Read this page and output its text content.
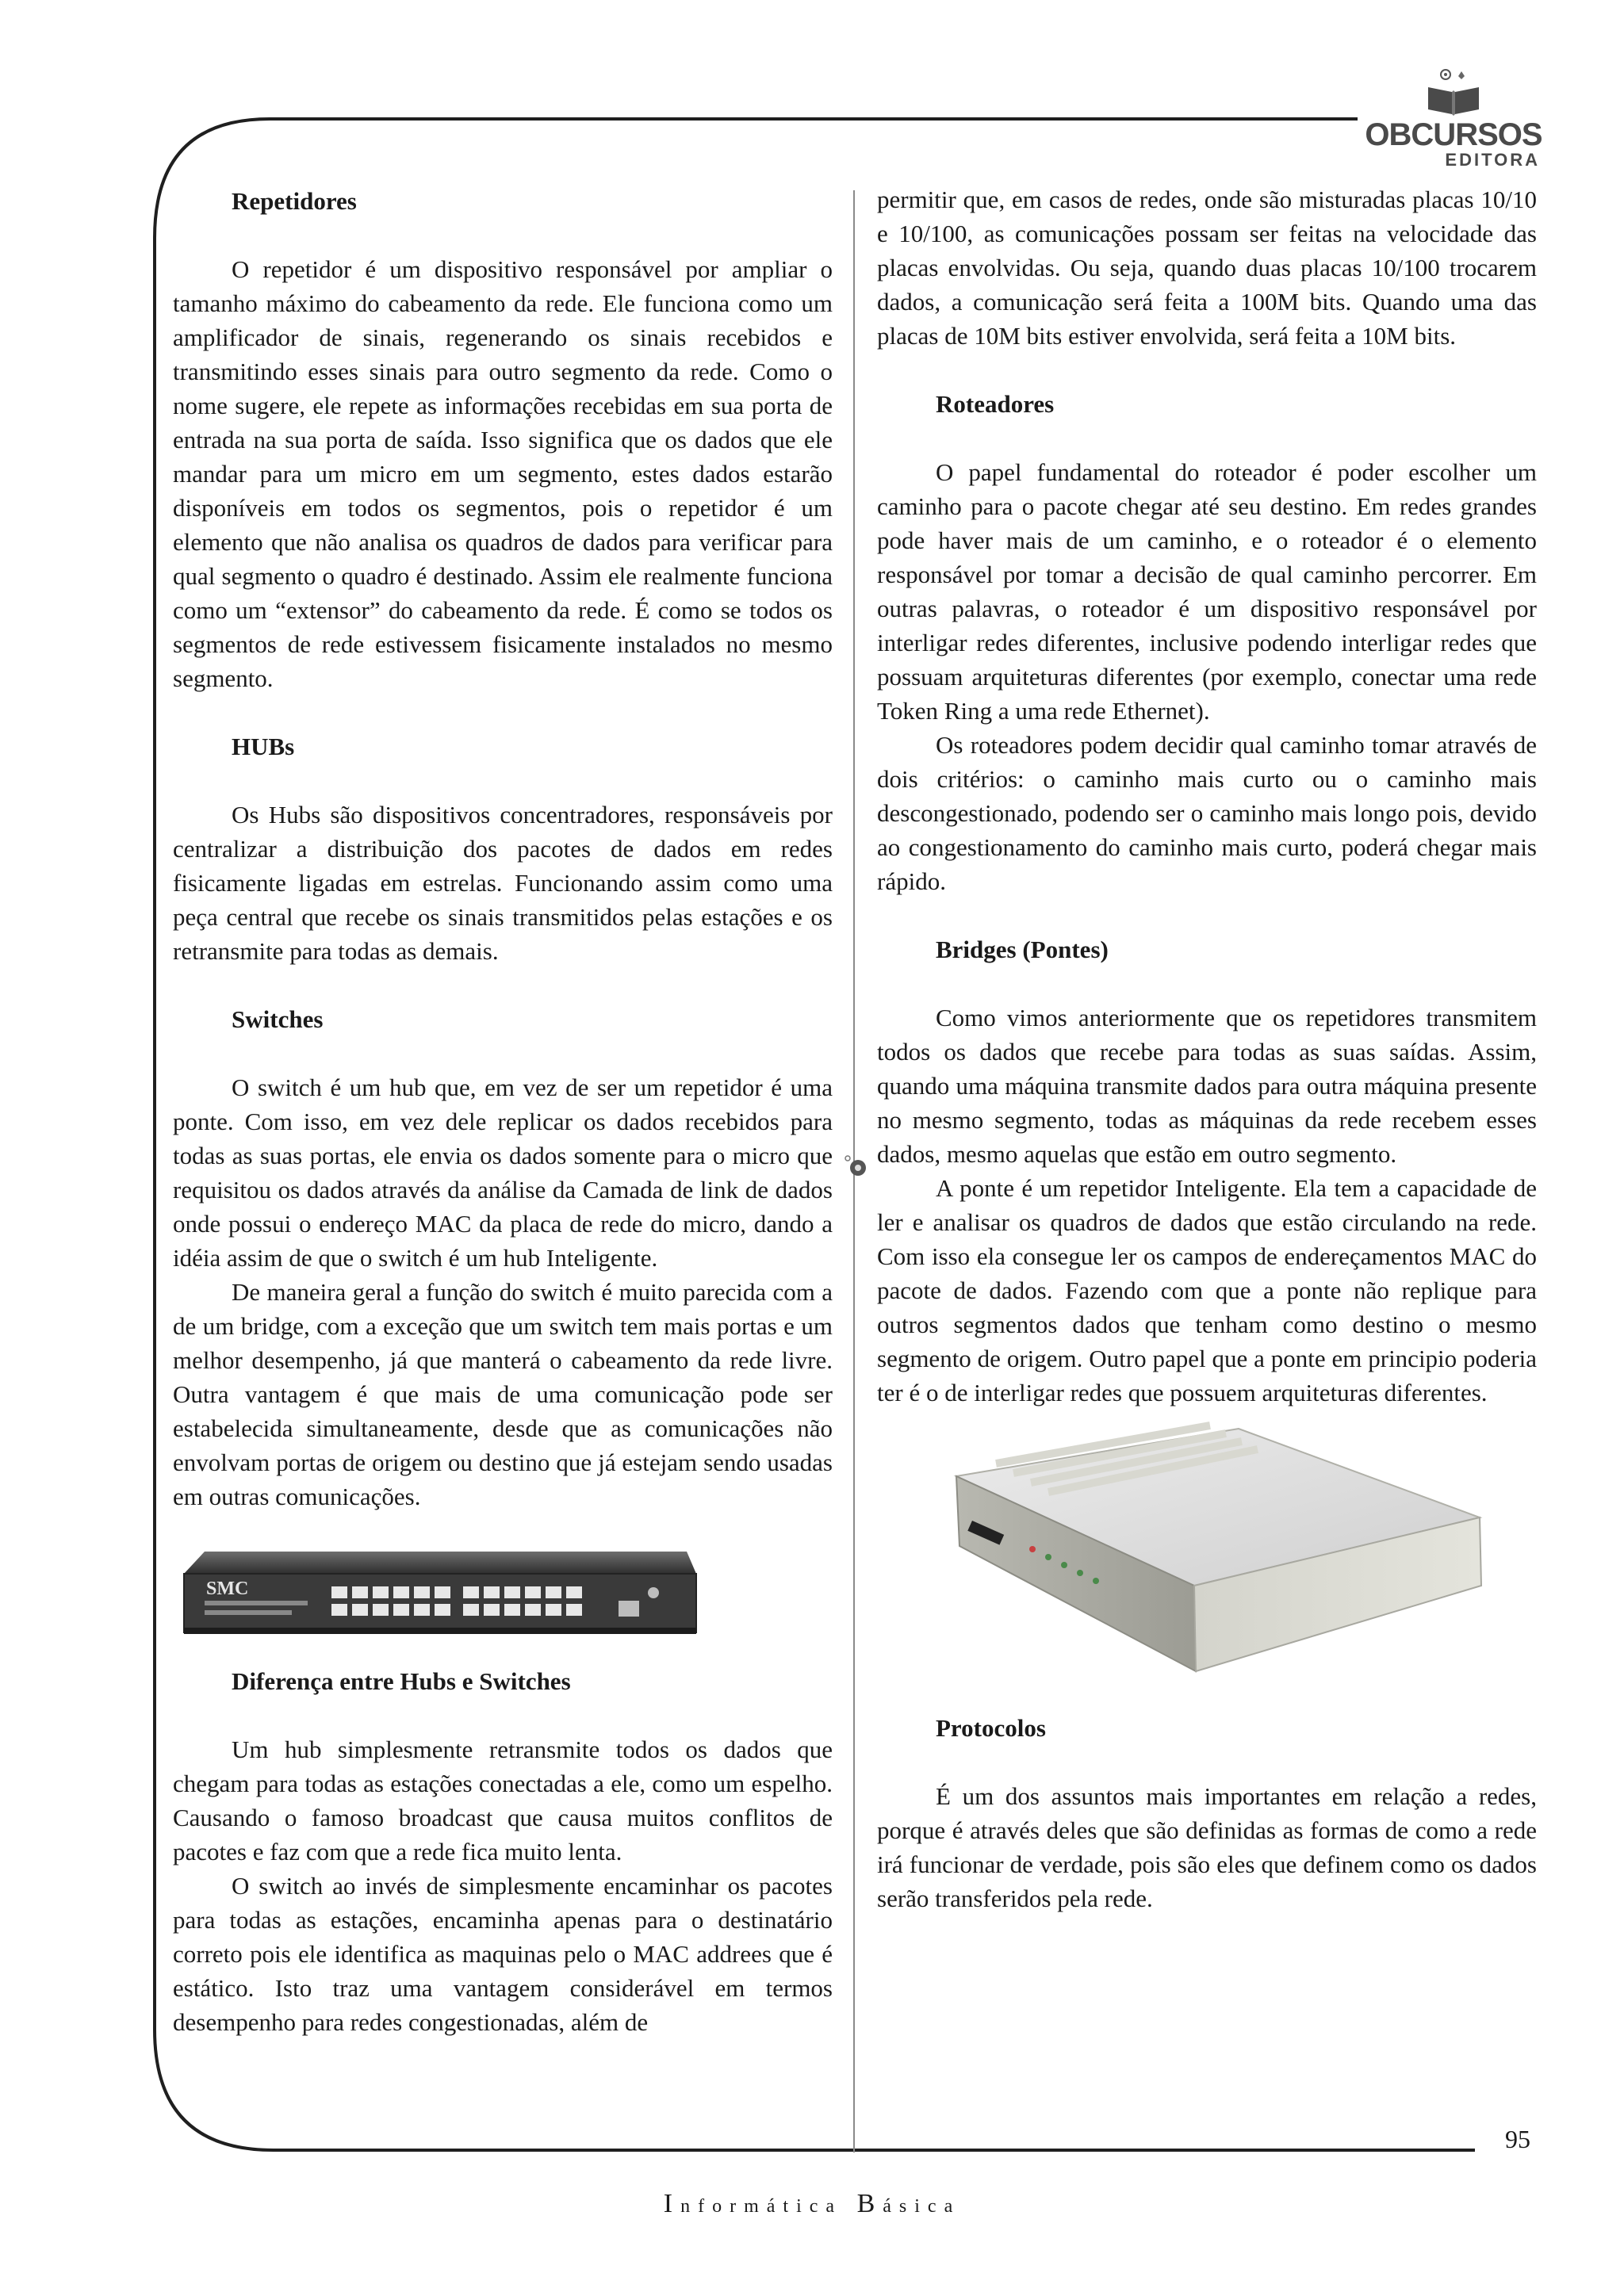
OBCURSOS
EDITORA
Repetidores

O repetidor é um dispositivo responsável por ampliar o tamanho máximo do cabeamento da rede. Ele funciona como um amplificador de sinais, regenerando os sinais recebidos e transmitindo esses sinais para outro segmento da rede. Como o nome sugere, ele repete as informações recebidas em sua porta de entrada na sua porta de saída. Isso significa que os dados que ele mandar para um micro em um segmento, estes dados estarão disponíveis em todos os segmentos, pois o repetidor é um elemento que não analisa os quadros de dados para verificar para qual segmento o quadro é destinado. Assim ele realmente funciona como um “extensor” do cabeamento da rede. É como se todos os segmentos de rede estivessem fisicamente instalados no mesmo segmento.

HUBs

Os Hubs são dispositivos concentradores, responsáveis por centralizar a distribuição dos pacotes de dados em redes fisicamente ligadas em estrelas. Funcionando assim como uma peça central que recebe os sinais transmitidos pelas estações e os retransmite para todas as demais.

Switches

O switch é um hub que, em vez de ser um repetidor é uma ponte. Com isso, em vez dele replicar os dados recebidos para todas as suas portas, ele envia os dados somente para o micro que requisitou os dados através da análise da Camada de link de dados onde possui o endereço MAC da placa de rede do micro, dando a idéia assim de que o switch é um hub Inteligente.

De maneira geral a função do switch é muito parecida com a de um bridge, com a exceção que um switch tem mais portas e um melhor desempenho, já que manterá o cabeamento da rede livre. Outra vantagem é que mais de uma comunicação pode ser estabelecida simultaneamente, desde que as comunicações não envolvam portas de origem ou destino que já estejam sendo usadas em outras comunicações.

SMC
Diferença entre Hubs e Switches

Um hub simplesmente retransmite todos os dados que chegam para todas as estações conectadas a ele, como um espelho. Causando o famoso broadcast que causa muitos conflitos de pacotes e faz com que a rede fica muito lenta.

O switch ao invés de simplesmente encaminhar os pacotes para todas as estações, encaminha apenas para o destinatário correto pois ele identifica as maquinas pelo o MAC addrees que é estático. Isto traz uma vantagem considerável em termos desempenho para redes congestionadas, além de

permitir que, em casos de redes, onde são misturadas placas 10/10 e 10/100, as comunicações possam ser feitas na velocidade das placas envolvidas. Ou seja, quando duas placas 10/100 trocarem dados, a comunicação será feita a 100M bits. Quando uma das placas de 10M bits estiver envolvida, será feita a 10M bits.

Roteadores

O papel fundamental do roteador é poder escolher um caminho para o pacote chegar até seu destino. Em redes grandes pode haver mais de um caminho, e o roteador é o elemento responsável por tomar a decisão de qual caminho percorrer. Em outras palavras, o roteador é um dispositivo responsável por interligar redes diferentes, inclusive podendo interligar redes que possuam arquiteturas diferentes (por exemplo, conectar uma rede Token Ring a uma rede Ethernet).

Os roteadores podem decidir qual caminho tomar através de dois critérios: o caminho mais curto ou o caminho mais descongestionado, podendo ser o caminho mais longo pois, devido ao congestionamento do caminho mais curto, poderá chegar mais rápido.

Bridges (Pontes)

Como vimos anteriormente que os repetidores transmitem todos os dados que recebe para todas as suas saídas. Assim, quando uma máquina transmite dados para outra máquina presente no mesmo segmento, todas as máquinas da rede recebem esses dados, mesmo aquelas que estão em outro segmento.

A ponte é um repetidor Inteligente. Ela tem a capacidade de ler e analisar os quadros de dados que estão circulando na rede. Com isso ela consegue ler os campos de endereçamentos MAC do pacote de dados. Fazendo com que a ponte não replique para outros segmentos dados que tenham como destino o mesmo segmento de origem. Outro papel que a ponte em principio poderia ter é o de interligar redes que possuem arquiteturas diferentes.

Protocolos

É um dos assuntos mais importantes em relação a redes, porque é através deles que são definidas as formas de como a rede irá funcionar de verdade, pois são eles que definem como os dados serão transferidos pela rede.

95
Informática Básica
